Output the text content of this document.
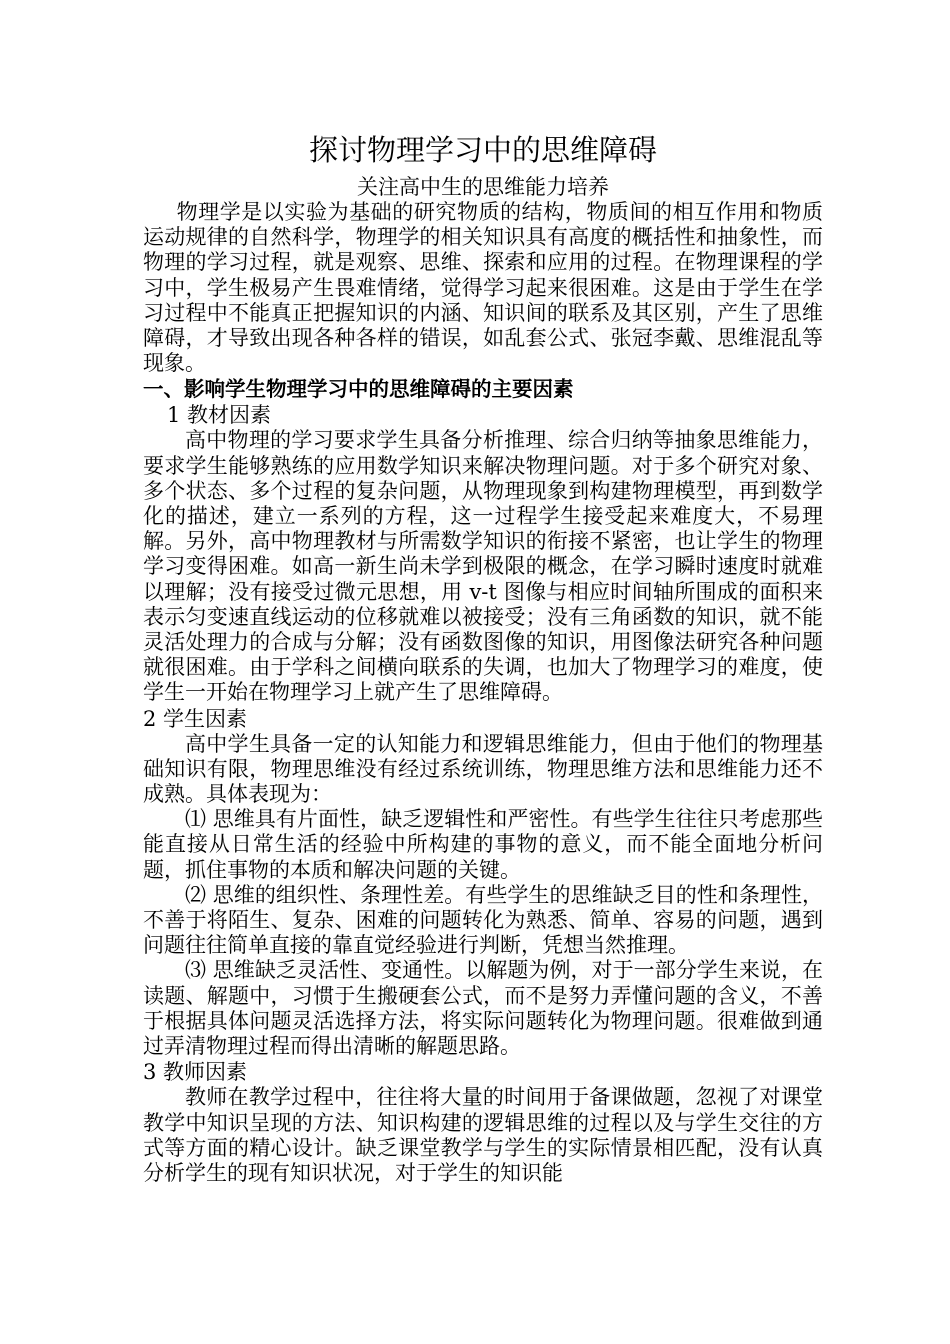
探讨物理学习中的思维障碍
关注高中生的思维能力培养

物理学是以实验为基础的研究物质的结构，物质间的相互作用和物质运动规律的自然科学，物理学的相关知识具有高度的概括性和抽象性，而物理的学习过程，就是观察、思维、探索和应用的过程。在物理课程的学习中，学生极易产生畏难情绪，觉得学习起来很困难。这是由于学生在学习过程中不能真正把握知识的内涵、知识间的联系及其区别，产生了思维障碍，才导致出现各种各样的错误，如乱套公式、张冠李戴、思维混乱等现象。

一、影响学生物理学习中的思维障碍的主要因素
1 教材因素

高中物理的学习要求学生具备分析推理、综合归纳等抽象思维能力，要求学生能够熟练的应用数学知识来解决物理问题。对于多个研究对象、多个状态、多个过程的复杂问题，从物理现象到构建物理模型，再到数学化的描述，建立一系列的方程，这一过程学生接受起来难度大，不易理解。另外，高中物理教材与所需数学知识的衔接不紧密，也让学生的物理学习变得困难。如高一新生尚未学到极限的概念，在学习瞬时速度时就难以理解；没有接受过微元思想，用 v-t 图像与相应时间轴所围成的面积来表示匀变速直线运动的位移就难以被接受；没有三角函数的知识，就不能灵活处理力的合成与分解；没有函数图像的知识，用图像法研究各种问题就很困难。由于学科之间横向联系的失调，也加大了物理学习的难度，使学生一开始在物理学习上就产生了思维障碍。

2 学生因素

高中学生具备一定的认知能力和逻辑思维能力，但由于他们的物理基础知识有限，物理思维没有经过系统训练，物理思维方法和思维能力还不成熟。具体表现为：

⑴ 思维具有片面性，缺乏逻辑性和严密性。有些学生往往只考虑那些能直接从日常生活的经验中所构建的事物的意义，而不能全面地分析问题，抓住事物的本质和解决问题的关键。

⑵ 思维的组织性、条理性差。有些学生的思维缺乏目的性和条理性，不善于将陌生、复杂、困难的问题转化为熟悉、简单、容易的问题，遇到问题往往简单直接的靠直觉经验进行判断，凭想当然推理。

⑶ 思维缺乏灵活性、变通性。以解题为例，对于一部分学生来说，在读题、解题中，习惯于生搬硬套公式，而不是努力弄懂问题的含义，不善于根据具体问题灵活选择方法，将实际问题转化为物理问题。很难做到通过弄清物理过程而得出清晰的解题思路。

3 教师因素

教师在教学过程中，往往将大量的时间用于备课做题，忽视了对课堂教学中知识呈现的方法、知识构建的逻辑思维的过程以及与学生交往的方式等方面的精心设计。缺乏课堂教学与学生的实际情景相匹配，没有认真分析学生的现有知识状况，对于学生的知识能
